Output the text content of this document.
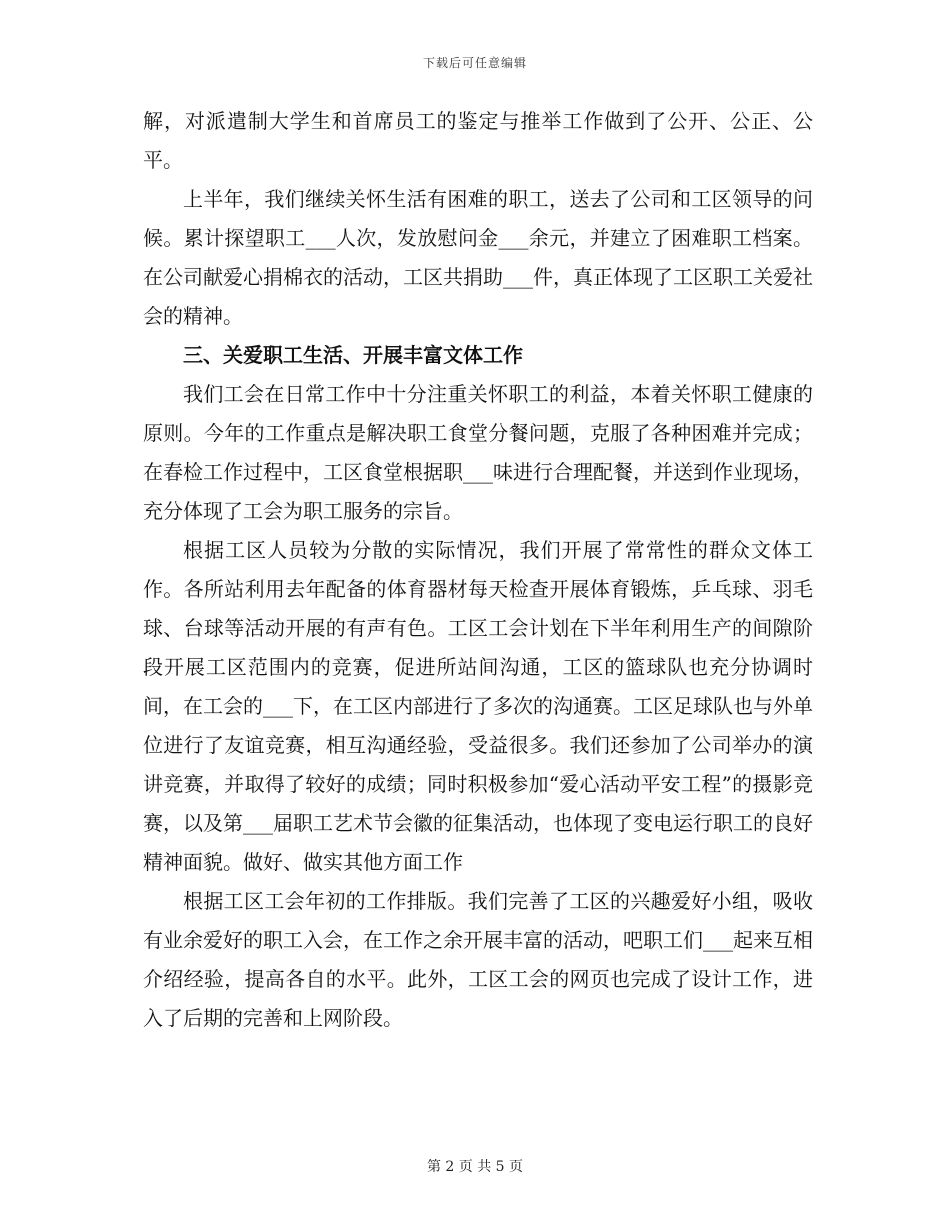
下载后可任意编辑

解，对派遣制大学生和首席员工的鉴定与推举工作做到了公开、公正、公平。

上半年，我们继续关怀生活有困难的职工，送去了公司和工区领导的问候。累计探望职工___人次，发放慰问金___余元，并建立了困难职工档案。在公司献爱心捐棉衣的活动，工区共捐助___件，真正体现了工区职工关爱社会的精神。

三、关爱职工生活、开展丰富文体工作

我们工会在日常工作中十分注重关怀职工的利益，本着关怀职工健康的原则。今年的工作重点是解决职工食堂分餐问题，克服了各种困难并完成；在春检工作过程中，工区食堂根据职___味进行合理配餐，并送到作业现场，充分体现了工会为职工服务的宗旨。

根据工区人员较为分散的实际情况，我们开展了常常性的群众文体工作。各所站利用去年配备的体育器材每天检查开展体育锻炼，乒乓球、羽毛球、台球等活动开展的有声有色。工区工会计划在下半年利用生产的间隙阶段开展工区范围内的竞赛，促进所站间沟通，工区的篮球队也充分协调时间，在工会的___下，在工区内部进行了多次的沟通赛。工区足球队也与外单位进行了友谊竞赛，相互沟通经验，受益很多。我们还参加了公司举办的演讲竞赛，并取得了较好的成绩；同时积极参加“爱心活动平安工程”的摄影竞赛，以及第___届职工艺术节会徽的征集活动，也体现了变电运行职工的良好精神面貌。做好、做实其他方面工作

根据工区工会年初的工作排版。我们完善了工区的兴趣爱好小组，吸收有业余爱好的职工入会，在工作之余开展丰富的活动，吧职工们___起来互相介绍经验，提高各自的水平。此外，工区工会的网页也完成了设计工作，进入了后期的完善和上网阶段。

第 2 页 共 5 页
